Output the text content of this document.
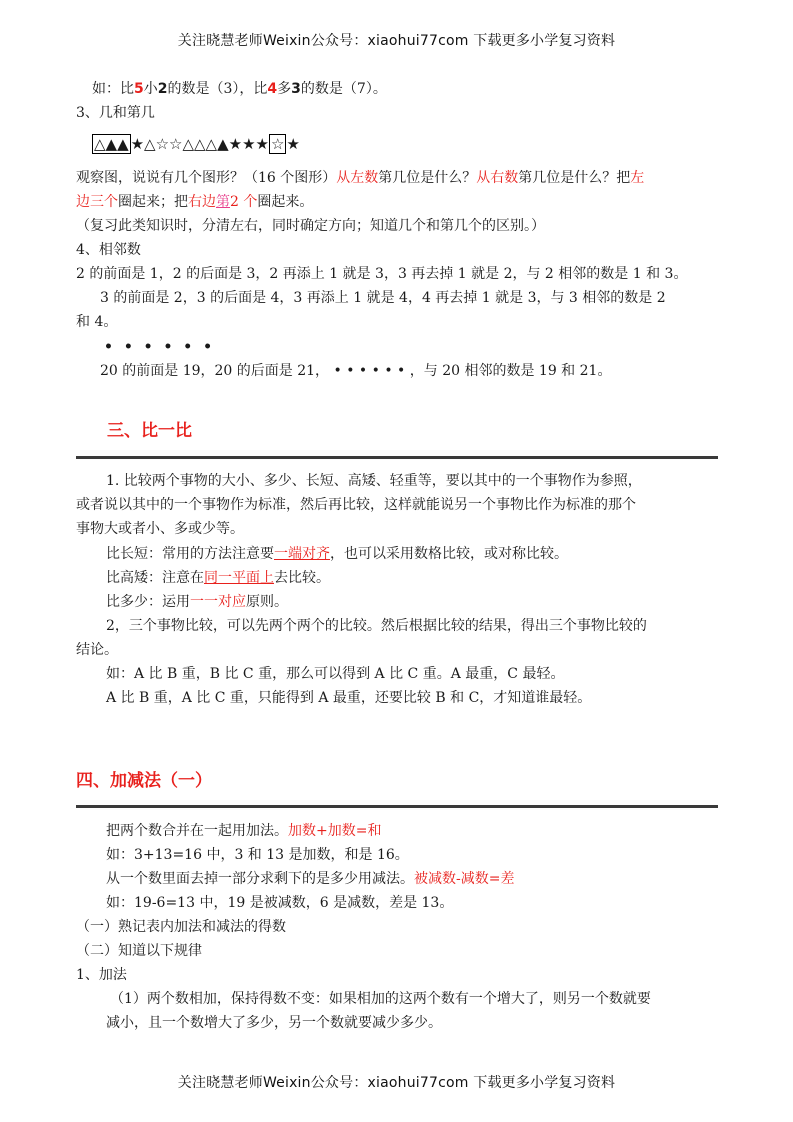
关注晓慧老师Weixin公众号：xiaohui77com 下载更多小学复习资料
如：比5小2的数是（3），比4多3的数是（7）。
3、几和第几
△▲▲ ★△☆☆△△△▲★★★ ☆ ★
观察图，说说有几个图形？（16 个图形）从左数第几位是什么？从右数第几位是什么？把左
边三个圈起来；把右边第2 个圈起来。
（复习此类知识时，分清左右，同时确定方向；知道几个和第几个的区别。）
4、相邻数
2 的前面是 1，2 的后面是 3，2 再添上 1 就是 3，3 再去掉 1 就是 2，与 2 相邻的数是 1 和 3。
3 的前面是 2，3 的后面是 4，3 再添上 1 就是 4，4 再去掉 1 就是 3，与 3 相邻的数是 2
和 4。
• • • • • •
20 的前面是 19，20 的后面是 21， • • • • • • ，与 20 相邻的数是 19 和 21。
三、比一比
1. 比较两个事物的大小、多少、长短、高矮、轻重等，要以其中的一个事物作为参照，
或者说以其中的一个事物作为标准，然后再比较，这样就能说另一个事物比作为标准的那个
事物大或者小、多或少等。
比长短：常用的方法注意要一端对齐，也可以采用数格比较，或对称比较。
比高矮：注意在同一平面上去比较。
比多少：运用一一对应原则。
2，三个事物比较，可以先两个两个的比较。然后根据比较的结果，得出三个事物比较的
结论。
如：A 比 B 重，B 比 C 重，那么可以得到 A 比 C 重。A 最重，C 最轻。
A 比 B 重，A 比 C 重，只能得到 A 最重，还要比较 B 和 C，才知道谁最轻。
四、加减法（一）
把两个数合并在一起用加法。加数+加数=和
如：3+13=16 中，3 和 13 是加数，和是 16。
从一个数里面去掉一部分求剩下的是多少用减法。被减数-减数=差
如：19-6=13 中，19 是被减数，6 是减数，差是 13。
（一）熟记表内加法和减法的得数
（二）知道以下规律
1、加法
（1）两个数相加，保持得数不变：如果相加的这两个数有一个增大了，则另一个数就要
减小，且一个数增大了多少，另一个数就要减少多少。
关注晓慧老师Weixin公众号：xiaohui77com 下载更多小学复习资料
